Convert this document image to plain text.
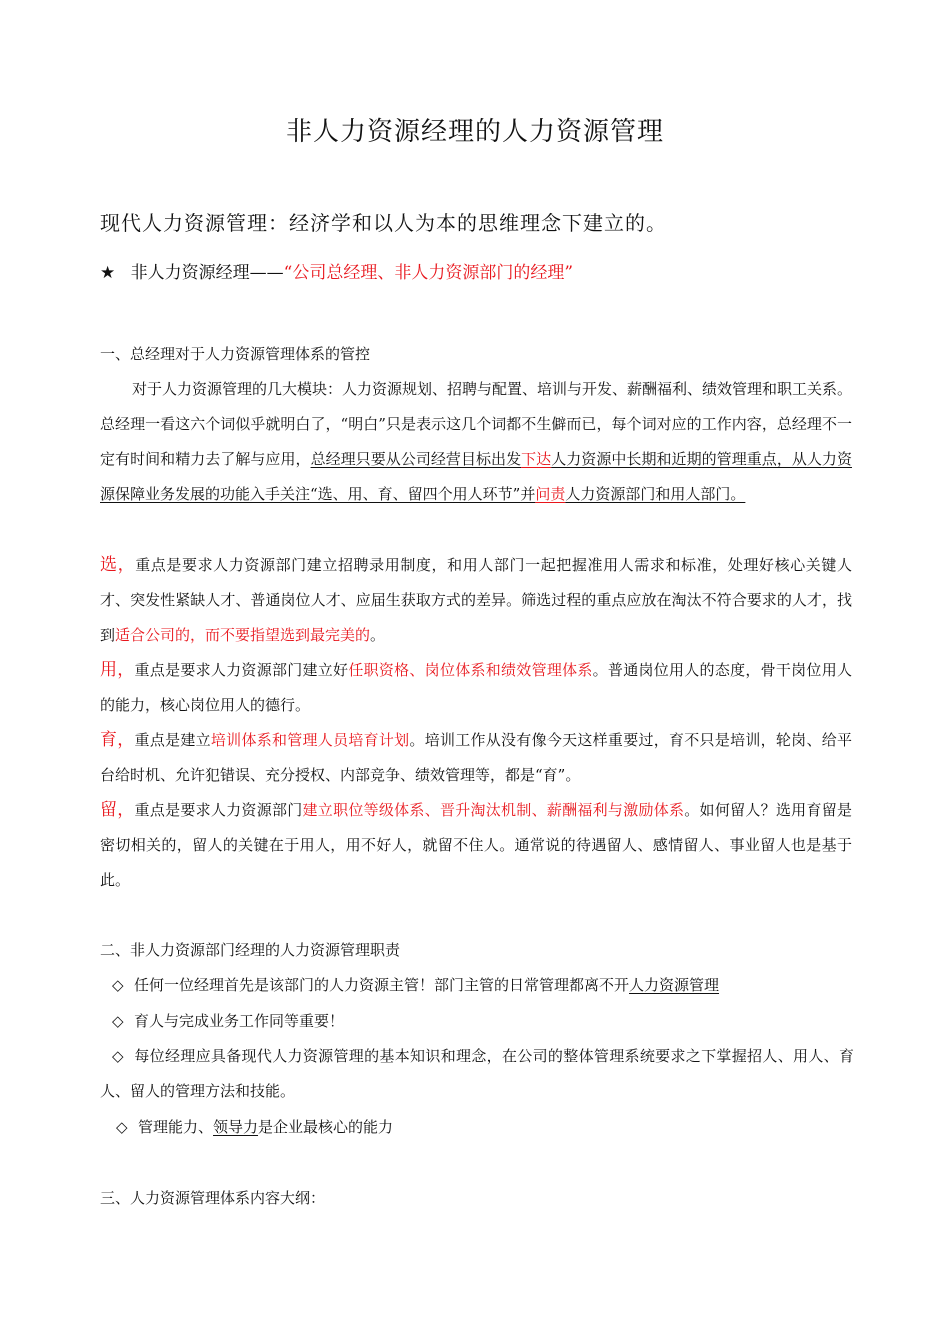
非人力资源经理的人力资源管理
现代人力资源管理：经济学和以人为本的思维理念下建立的。
★ 非人力资源经理——“公司总经理、非人力资源部门的经理”
一、总经理对于人力资源管理体系的管控
对于人力资源管理的几大模块：人力资源规划、招聘与配置、培训与开发、薪酬福利、绩效管理和职工关系。总经理一看这六个词似乎就明白了，“明白”只是表示这几个词都不生僻而已，每个词对应的工作内容，总经理不一定有时间和精力去了解与应用，总经理只要从公司经营目标出发下达人力资源中长期和近期的管理重点，从人力资源保障业务发展的功能入手关注“选、用、育、留四个用人环节”并问责人力资源部门和用人部门。
选，重点是要求人力资源部门建立招聘录用制度，和用人部门一起把握准用人需求和标准，处理好核心关键人才、突发性紧缺人才、普通岗位人才、应届生获取方式的差异。筛选过程的重点应放在淘汰不符合要求的人才，找到适合公司的，而不要指望选到最完美的。
用，重点是要求人力资源部门建立好任职资格、岗位体系和绩效管理体系。普通岗位用人的态度，骨干岗位用人的能力，核心岗位用人的德行。
育，重点是建立培训体系和管理人员培育计划。培训工作从没有像今天这样重要过，育不只是培训，轮岗、给平台给时机、允许犯错误、充分授权、内部竞争、绩效管理等，都是“育”。
留，重点是要求人力资源部门建立职位等级体系、晋升淘汰机制、薪酬福利与激励体系。如何留人？选用育留是密切相关的，留人的关键在于用人，用不好人，就留不住人。通常说的待遇留人、感情留人、事业留人也是基于此。
二、非人力资源部门经理的人力资源管理职责
◇ 任何一位经理首先是该部门的人力资源主管！部门主管的日常管理都离不开人力资源管理
◇ 育人与完成业务工作同等重要！
◇ 每位经理应具备现代人力资源管理的基本知识和理念，在公司的整体管理系统要求之下掌握招人、用人、育人、留人的管理方法和技能。
◇ 管理能力、领导力是企业最核心的能力
三、人力资源管理体系内容大纲：
